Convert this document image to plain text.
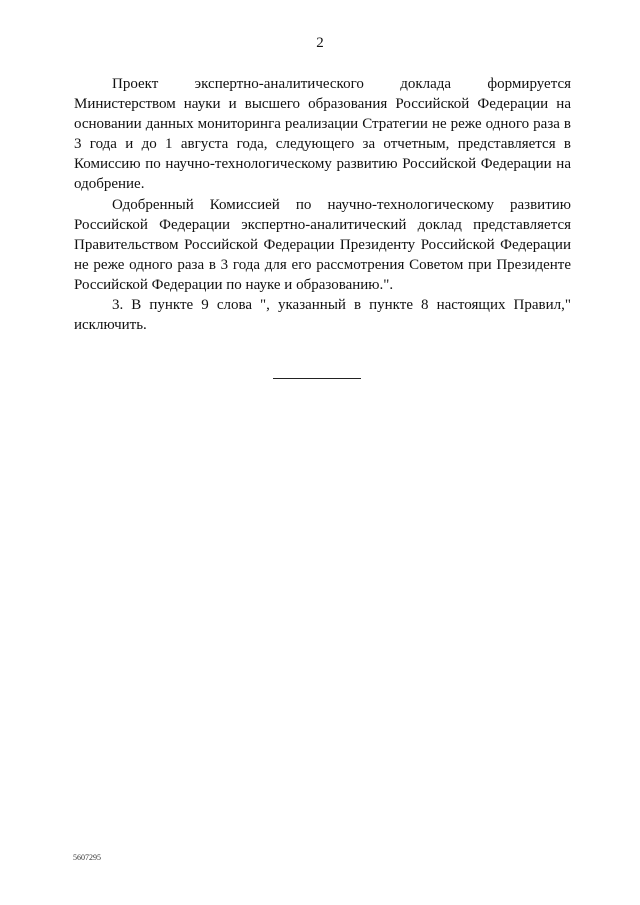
2

Проект экспертно-аналитического доклада формируется Министерством науки и высшего образования Российской Федерации на основании данных мониторинга реализации Стратегии не реже одного раза в 3 года и до 1 августа года, следующего за отчетным, представляется в Комиссию по научно-технологическому развитию Российской Федерации на одобрение.

Одобренный Комиссией по научно-технологическому развитию Российской Федерации экспертно-аналитический доклад представляется Правительством Российской Федерации Президенту Российской Федерации не реже одного раза в 3 года для его рассмотрения Советом при Президенте Российской Федерации по науке и образованию.".

3. В пункте 9 слова ", указанный в пункте 8 настоящих Правил," исключить.

5607295
